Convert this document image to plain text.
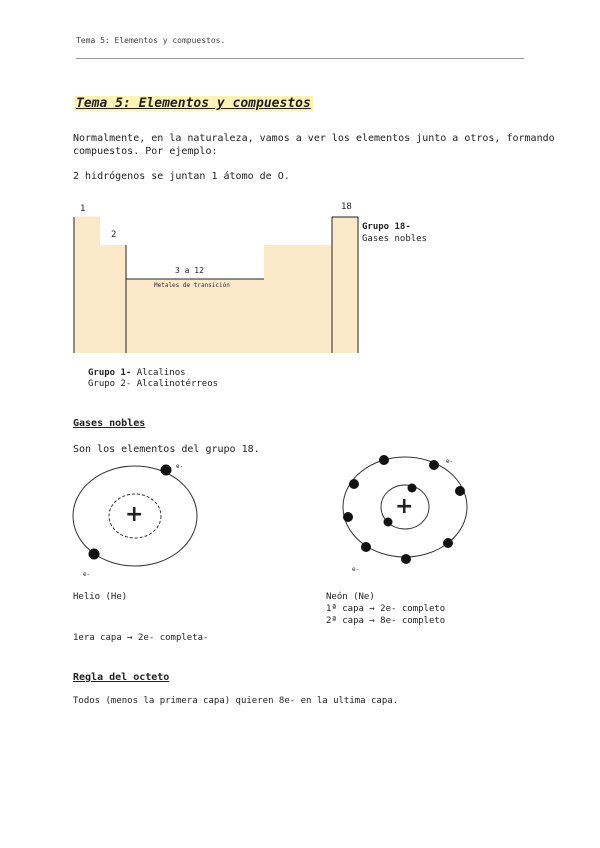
Tema 5: Elementos y compuestos.
Tema 5: Elementos y compuestos
Normalmente, en la naturaleza, vamos a ver los elementos junto a otros, formando
compuestos. Por ejemplo:
2 hidrógenos se juntan 1 átomo de O.
1
2
18
3 a 12
Metales de transición
Grupo 18-
Gases nobles
Grupo 1- Alcalinos
Grupo 2- Alcalinotérreos
Gases nobles
Son los elementos del grupo 18.
+
e-
e-
+
e-
e-
Helio (He)	Neón (Ne)
1ª capa → 2e- completo
2ª capa → 8e- completo
1era capa → 2e- completa-
Regla del octeto
Todos (menos la primera capa) quieren 8e- en la ultima capa.
